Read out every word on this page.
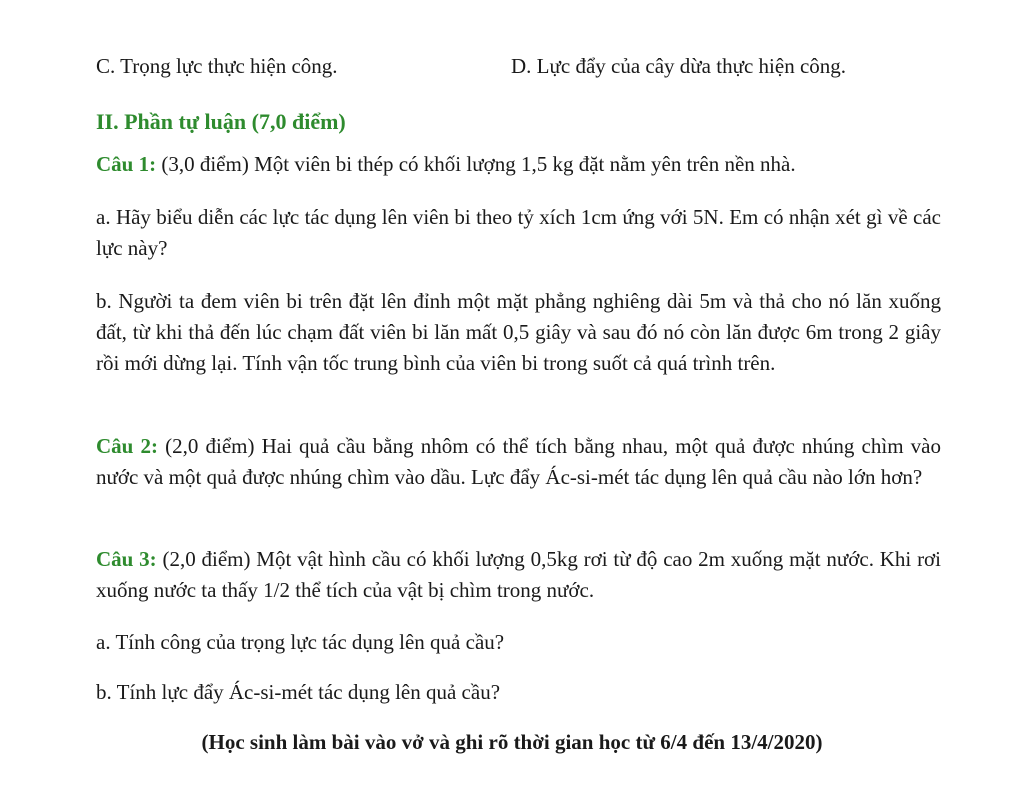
C. Trọng lực thực hiện công.	D. Lực đẩy của cây dừa thực hiện công.
II. Phần tự luận (7,0 điểm)
Câu 1: (3,0 điểm) Một viên bi thép có khối lượng 1,5 kg đặt nằm yên trên nền nhà.
a. Hãy biểu diễn các lực tác dụng lên viên bi theo tỷ xích 1cm ứng với 5N. Em có nhận xét gì về các lực này?
b. Người ta đem viên bi trên đặt lên đỉnh một mặt phẳng nghiêng dài 5m và thả cho nó lăn xuống đất, từ khi thả đến lúc chạm đất viên bi lăn mất 0,5 giây và sau đó nó còn lăn được 6m trong 2 giây rồi mới dừng lại. Tính vận tốc trung bình của viên bi trong suốt cả quá trình trên.
Câu 2: (2,0 điểm) Hai quả cầu bằng nhôm có thể tích bằng nhau, một quả được nhúng chìm vào nước và một quả được nhúng chìm vào dầu. Lực đẩy Ác-si-mét tác dụng lên quả cầu nào lớn hơn?
Câu 3: (2,0 điểm) Một vật hình cầu có khối lượng 0,5kg rơi từ độ cao 2m xuống mặt nước. Khi rơi xuống nước ta thấy 1/2 thể tích của vật bị chìm trong nước.
a. Tính công của trọng lực tác dụng lên quả cầu?
b. Tính lực đẩy Ác-si-mét tác dụng lên quả cầu?
(Học sinh làm bài vào vở và ghi rõ thời gian học từ 6/4 đến 13/4/2020)
